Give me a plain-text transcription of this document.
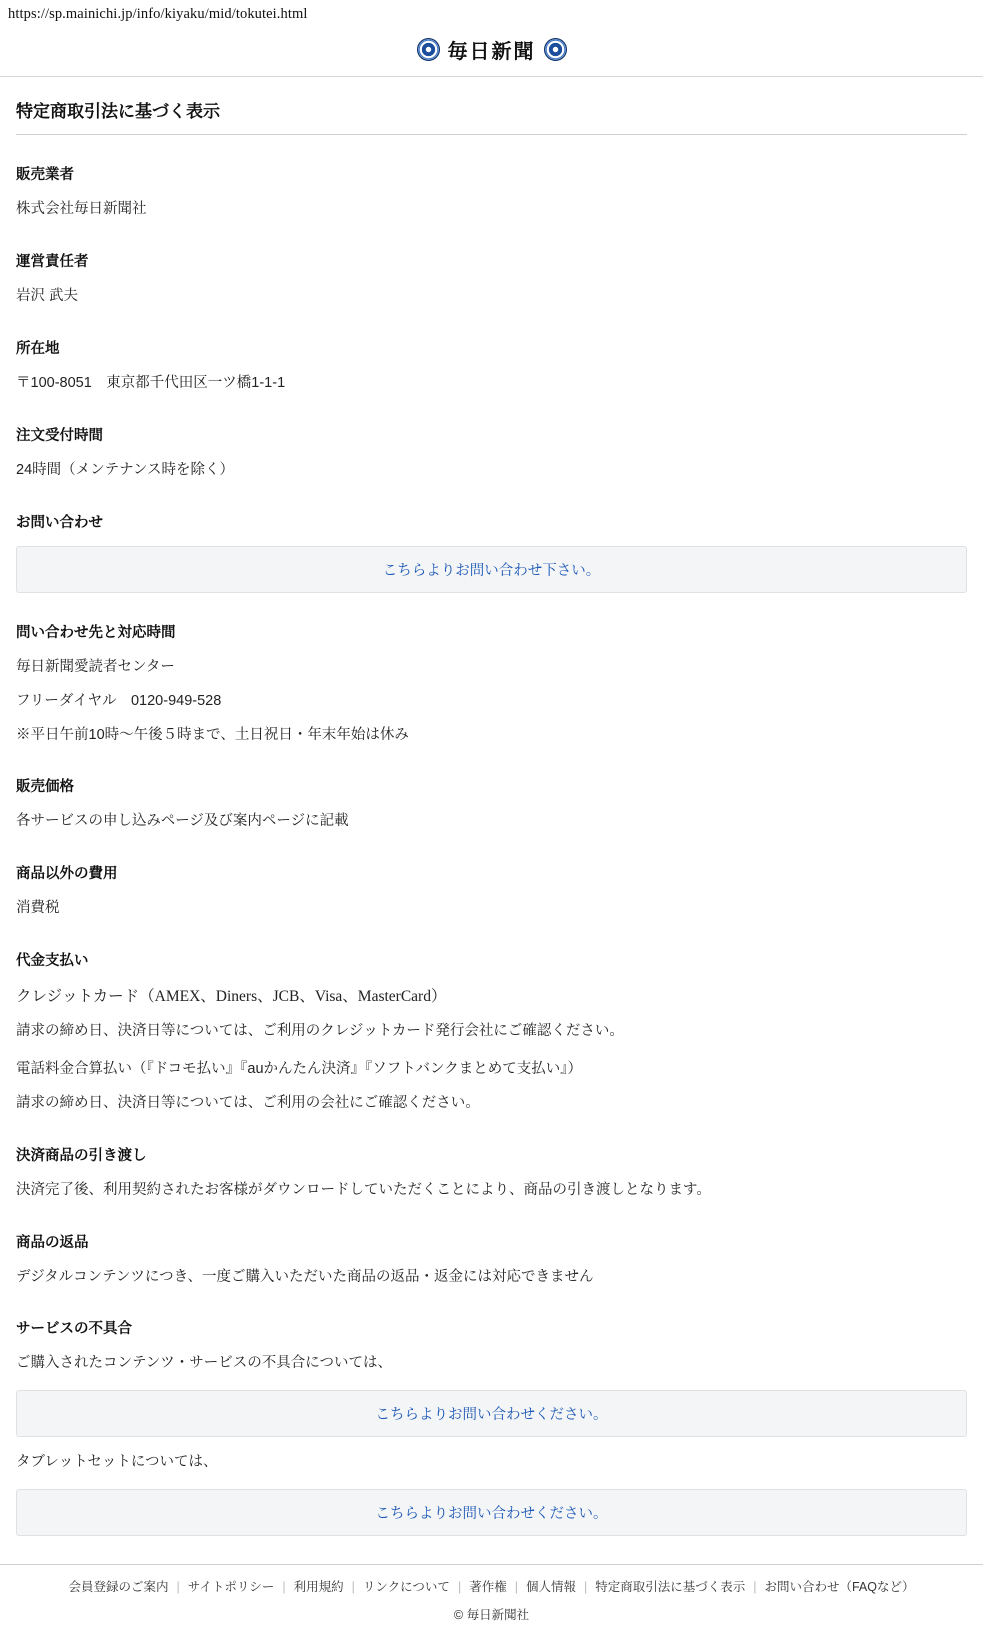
https://sp.mainichi.jp/info/kiyaku/mid/tokutei.html
毎日新聞
特定商取引法に基づく表示
販売業者

株式会社毎日新聞社

運営責任者

岩沢 武夫

所在地

〒100-8051　東京都千代田区一ツ橋1-1-1

注文受付時間

24時間（メンテナンス時を除く）

お問い合わせ
こちらよりお問い合わせ下さい。
問い合わせ先と対応時間

毎日新聞愛読者センター

フリーダイヤル　0120-949-528

※平日午前10時〜午後５時まで、土日祝日・年末年始は休み

販売価格

各サービスの申し込みページ及び案内ページに記載

商品以外の費用

消費税

代金支払い

クレジットカード（AMEX、Diners、JCB、Visa、MasterCard）

請求の締め日、決済日等については、ご利用のクレジットカード発行会社にご確認ください。

電話料金合算払い（『ドコモ払い』『auかんたん決済』『ソフトバンクまとめて支払い』）

請求の締め日、決済日等については、ご利用の会社にご確認ください。

決済商品の引き渡し

決済完了後、利用契約されたお客様がダウンロードしていただくことにより、商品の引き渡しとなります。

商品の返品

デジタルコンテンツにつき、一度ご購入いただいた商品の返品・返金には対応できません

サービスの不具合

ご購入されたコンテンツ・サービスの不具合については、

こちらよりお問い合わせください。

タブレットセットについては、

こちらよりお問い合わせください。
会員登録のご案内 | サイトポリシー | 利用規約 | リンクについて | 著作権 | 個人情報 | 特定商取引法に基づく表示 | お問い合わせ（FAQなど）
© 毎日新聞社
